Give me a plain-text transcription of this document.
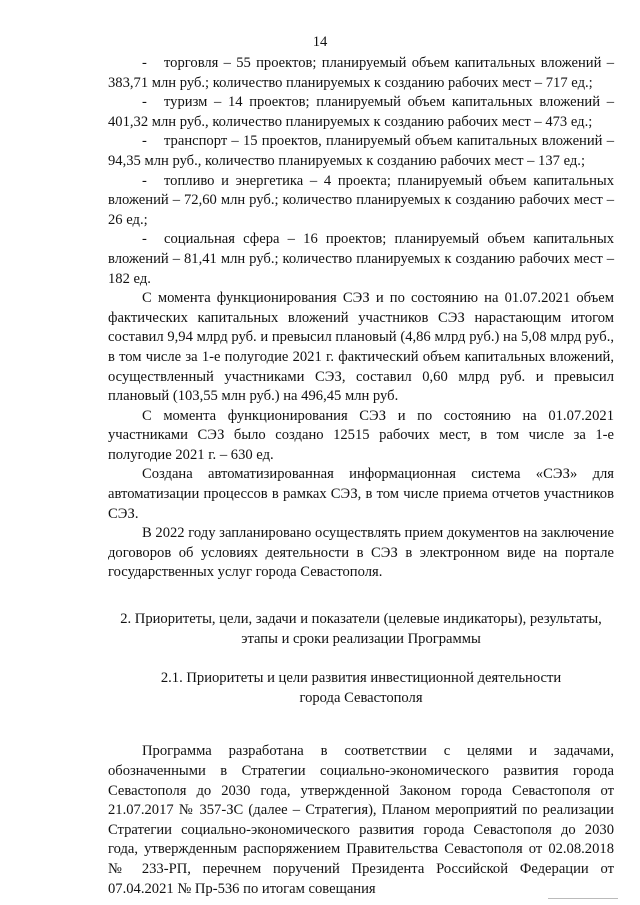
14

- торговля – 55 проектов; планируемый объем капитальных вложений – 383,71 млн руб.; количество планируемых к созданию рабочих мест – 717 ед.;

- туризм – 14 проектов; планируемый объем капитальных вложений – 401,32 млн руб., количество планируемых к созданию рабочих мест – 473 ед.;

- транспорт – 15 проектов, планируемый объем капитальных вложений – 94,35 млн руб., количество планируемых к созданию рабочих мест – 137 ед.;

- топливо и энергетика – 4 проекта; планируемый объем капитальных вложений – 72,60 млн руб.; количество планируемых к созданию рабочих мест – 26 ед.;

- социальная сфера – 16 проектов; планируемый объем капитальных вложений – 81,41 млн руб.; количество планируемых к созданию рабочих мест – 182 ед.

С момента функционирования СЭЗ и по состоянию на 01.07.2021 объем фактических капитальных вложений участников СЭЗ нарастающим итогом составил 9,94 млрд руб. и превысил плановый (4,86 млрд руб.) на 5,08 млрд руб., в том числе за 1-е полугодие 2021 г. фактический объем капитальных вложений, осуществленный участниками СЭЗ, составил 0,60 млрд руб. и превысил плановый (103,55 млн руб.) на 496,45 млн руб.

С момента функционирования СЭЗ и по состоянию на 01.07.2021 участниками СЭЗ было создано 12515 рабочих мест, в том числе за 1-е полугодие 2021 г. – 630 ед.

Создана автоматизированная информационная система «СЭЗ» для автоматизации процессов в рамках СЭЗ, в том числе приема отчетов участников СЭЗ.

В 2022 году запланировано осуществлять прием документов на заключение договоров об условиях деятельности в СЭЗ в электронном виде на портале государственных услуг города Севастополя.

2. Приоритеты, цели, задачи и показатели (целевые индикаторы), результаты, этапы и сроки реализации Программы

2.1. Приоритеты и цели развития инвестиционной деятельности

города Севастополя

Программа разработана в соответствии с целями и задачами, обозначенными в Стратегии социально-экономического развития города Севастополя до 2030 года, утвержденной Законом города Севастополя от 21.07.2017 № 357-ЗС (далее – Стратегия), Планом мероприятий по реализации Стратегии социально-экономического развития города Севастополя до 2030 года, утвержденным распоряжением Правительства Севастополя от 02.08.2018 № 233-РП, перечнем поручений Президента Российской Федерации от 07.04.2021 № Пр-536 по итогам совещания
